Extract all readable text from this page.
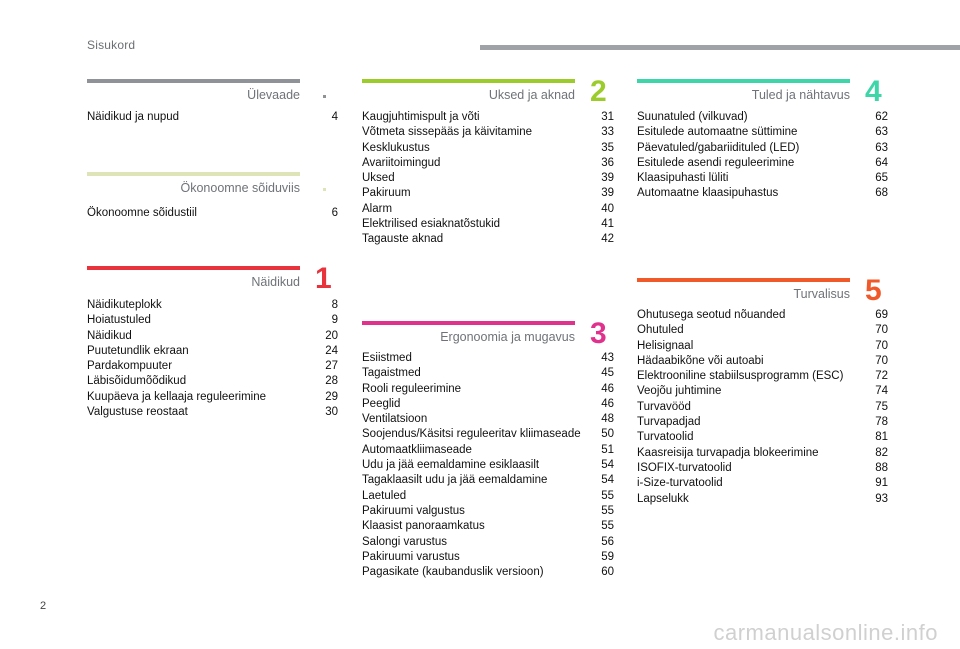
Sisukord
Ülevaade
Näidikud ja nupud	4
Ökonoomne sõiduviis
Ökonoomne sõidustiil	6
Näidikud 1
Näidikuteplokk	8
Hoiatustuled	9
Näidikud	20
Puutetundlik ekraan	24
Pardakompuuter	27
Läbisõidumõõdikud	28
Kuupäeva ja kellaaja reguleerimine	29
Valgustuse reostaat	30
Uksed ja aknad 2
Kaugjuhtimispult ja võti	31
Võtmeta sissepääs ja käivitamine	33
Kesklukustus	35
Avariitoimingud	36
Uksed	39
Pakiruum	39
Alarm	40
Elektrilised esiaknatõstukid	41
Tagauste aknad	42
Ergonoomia ja mugavus 3
Esiistmed	43
Tagaistmed	45
Rooli reguleerimine	46
Peeglid	46
Ventilatsioon	48
Soojendus/Käsitsi reguleeritav kliimaseade	50
Automaatkliimaseade	51
Udu ja jää eemaldamine esiklaasilt	54
Tagaklaasilt udu ja jää eemaldamine	54
Laetuled	55
Pakiruumi valgustus	55
Klaasist panoraamkatus	55
Salongi varustus	56
Pakiruumi varustus	59
Pagasikate (kaubanduslik versioon)	60
Tuled ja nähtavus 4
Suunatuled (vilkuvad)	62
Esitulede automaatne süttimine	63
Päevatuled/gabariidituled (LED)	63
Esitulede asendi reguleerimine	64
Klaasipuhasti lüliti	65
Automaatne klaasipuhastus	68
Turvalisus 5
Ohutusega seotud nõuanded	69
Ohutuled	70
Helisignaal	70
Hädaabikõne või autoabi	70
Elektrooniline stabiilsusprogramm (ESC)	72
Veojõu juhtimine	74
Turvavööd	75
Turvapadjad	78
Turvatoolid	81
Kaasreisija turvapadja blokeerimine	82
ISOFIX-turvatoolid	88
i-Size-turvatoolid	91
Lapselukk	93
2
carmanualsonline.info
